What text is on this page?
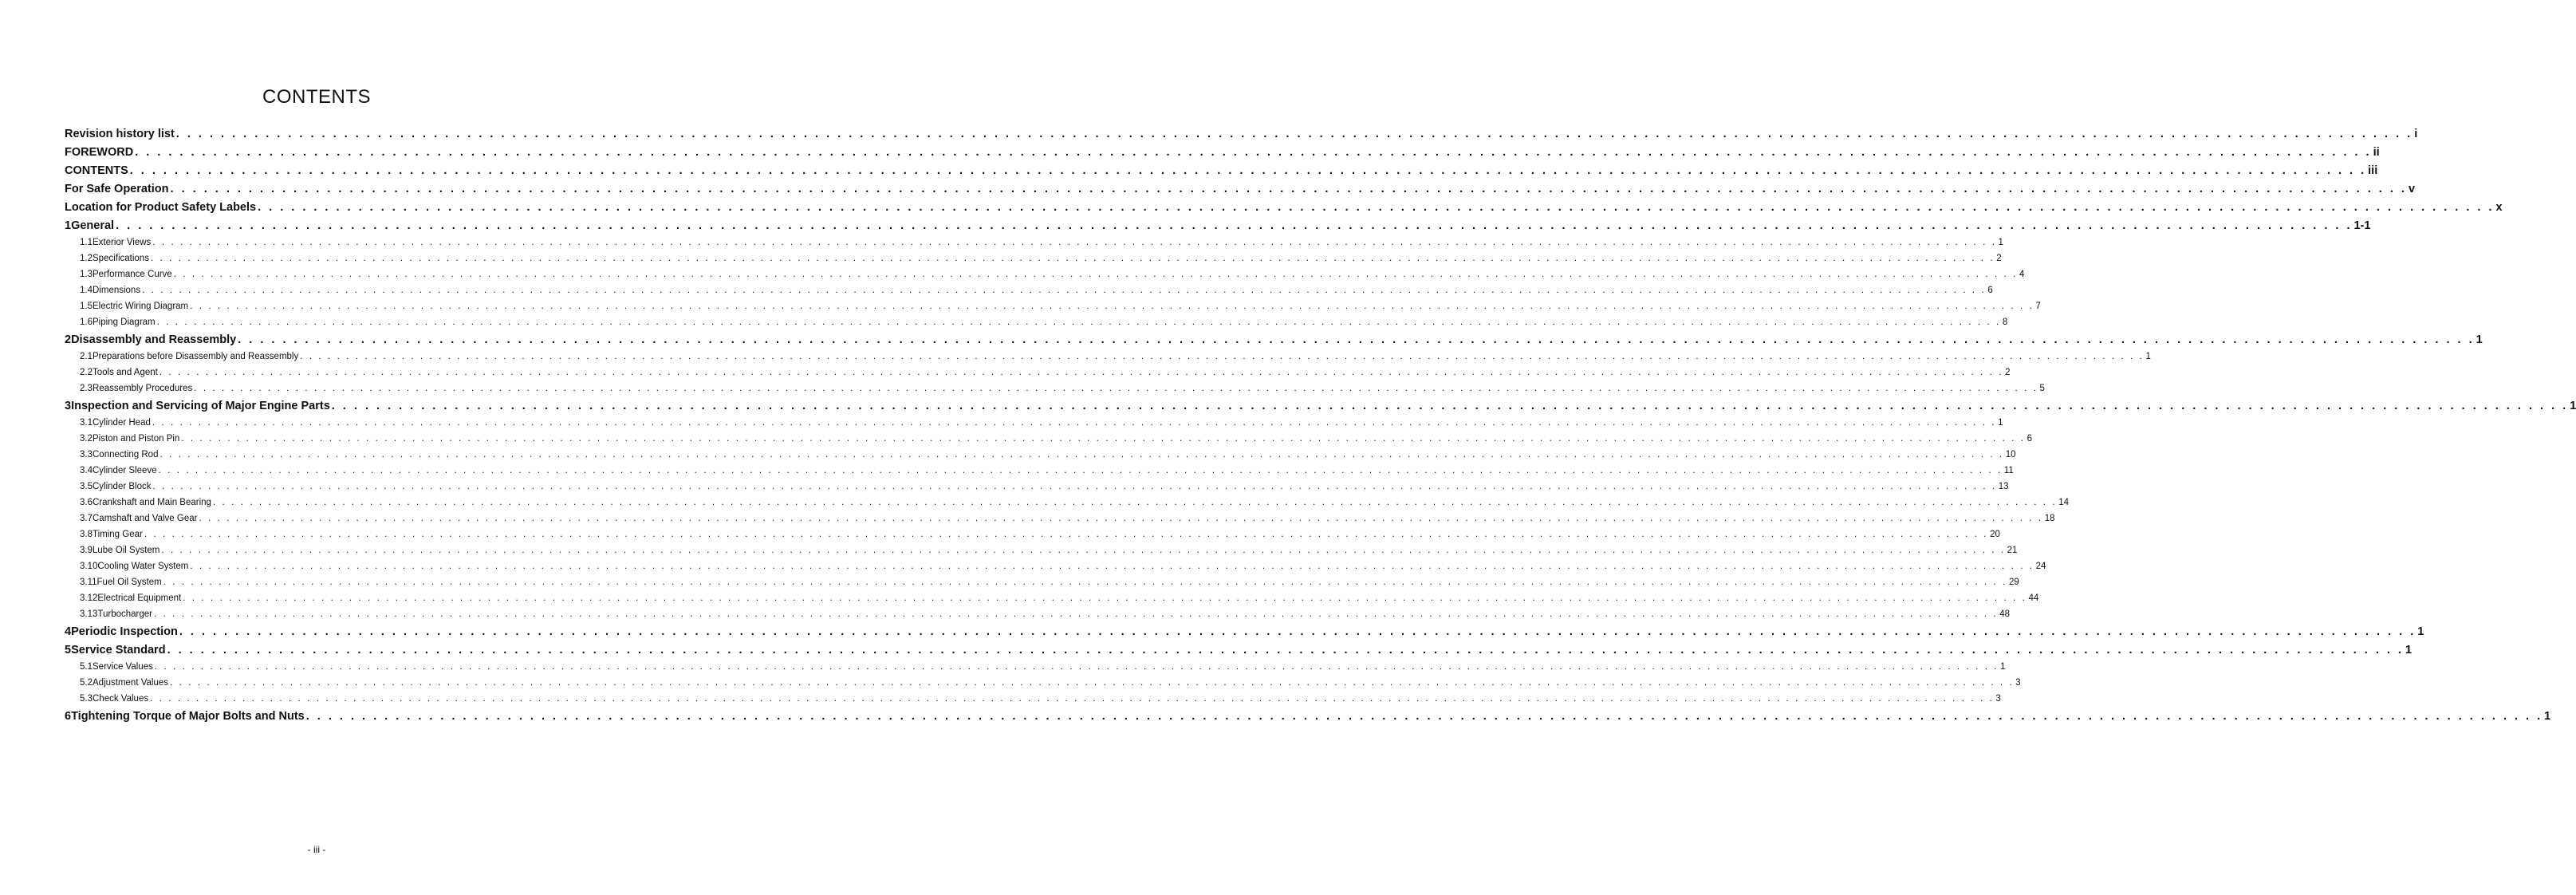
CONTENTS
Revision history list . . . . . . . . . . . . . . . . . . . . . . . . . . . . . . . . . . . . . . . . . . . . . . . . . . . . . . . . . . . . . . . . . . . . . . . . . . . . . . . . . . . . . . . . . . . . . . . . . . . . . . . . . . . . . . . . . . . . . . . . . . . . . . . . . . . . . . . . . . . . . . . . . . . . . . . . . . . . . . . . . . . . . . . . . . . . . . . . . . . . . . . . . . . . . . . . . . . . . . . . i
FOREWORD . . . . . . . . . . . . . . . . . . . . . . . . . . . . . . . . . . . . . . . . . . . . . . . . . . . . . . . . . . . . . . . . . . . . . . . . . . . . . . . . . . . . . . . . . . . . . . . . . . . . . . . . . . . . . . . . . . . . . . . . . . . . . . . . . . . . . . . . . . . . . . . . . . . . . . . . . . . . . . . . . . . . . . . . . . . . . . . . . . . . . . . . . . . . . . . . . . . . . . . . ii
CONTENTS . . . . . . . . . . . . . . . . . . . . . . . . . . . . . . . . . . . . . . . . . . . . . . . . . . . . . . . . . . . . . . . . . . . . . . . . . . . . . . . . . . . . . . . . . . . . . . . . . . . . . . . . . . . . . . . . . . . . . . . . . . . . . . . . . . . . . . . . . . . . . . . . . . . . . . . . . . . . . . . . . . . . . . . . . . . . . . . . . . . . . . . . . . . . . . . . . . . . . . . . iii
For Safe Operation . . . . . . . . . . . . . . . . . . . . . . . . . . . . . . . . . . . . . . . . . . . . . . . . . . . . . . . . . . . . . . . . . . . . . . . . . . . . . . . . . . . . . . . . . . . . . . . . . . . . . . . . . . . . . . . . . . . . . . . . . . . . . . . . . . . . . . . . . . . . . . . . . . . . . . . . . . . . . . . . . . . . . . . . . . . . . . . . . . . . . . . . . . . . . . . . . . . . . . . . v
Location for Product Safety Labels . . . . . . . . . . . . . . . . . . . . . . . . . . . . . . . . . . . . . . . . . . . . . . . . . . . . . . . . . . . . . . . . . . . . . . . . . . . . . . . . . . . . . . . . . . . . . . . . . . . . . . . . . . . . . . . . . . . . . . . . . . . . . . . . . . . . . . . . . . . . . . . . . . . . . . . . . . . . . . . . . . . . . . . . . . . . . . . . . . . . . . . . . . . . . . . . . . . . . . . . x
1 General . . . . . . . . . . . . . . . . . . . . . . . . . . . . . . . . . . . . . . . . . . . . . . . . . . . . . . . . . . . . . . . . . . . . . . . . . . . . . . . . . . . . . . . . . . . . . . . . . . . . . . . . . . . . . . . . . . . . . . . . . . . . . . . . . . . . . . . . . . . . . . . . . . . . . . . . . . . . . . . . . . . . . . . . . . . . . . . . . . . . . . . . . . . . . . . . . . . . . . . . 1-1
1.1 Exterior Views . . . . . . . . . . . . . . . . . . . . . . . . . . . . . . . . . . . . . . . . . . . . . . . . . . . . . . . . . . . . . . . . . . . . . . . . . . . . . . . . . . . . . . . . . . . . . . . . . . . . . . . . . . . . . . . . . . . . . . . . . . . . . . . . . . . . . . . . . . . . . . . . . . . . . . . . . . . . . . . . . . . . . . . . . . . . . . . . . . . . . . . . . . . . . . . . . . . . . . . . 1
1.2 Specifications . . . . . . . . . . . . . . . . . . . . . . . . . . . . . . . . . . . . . . . . . . . . . . . . . . . . . . . . . . . . . . . . . . . . . . . . . . . . . . . . . . . . . . . . . . . . . . . . . . . . . . . . . . . . . . . . . . . . . . . . . . . . . . . . . . . . . . . . . . . . . . . . . . . . . . . . . . . . . . . . . . . . . . . . . . . . . . . . . . . . . . . . . . . . . . . . . . . . . . . . 2
1.3 Performance Curve . . . . . . . . . . . . . . . . . . . . . . . . . . . . . . . . . . . . . . . . . . . . . . . . . . . . . . . . . . . . . . . . . . . . . . . . . . . . . . . . . . . . . . . . . . . . . . . . . . . . . . . . . . . . . . . . . . . . . . . . . . . . . . . . . . . . . . . . . . . . . . . . . . . . . . . . . . . . . . . . . . . . . . . . . . . . . . . . . . . . . . . . . . . . . . . . . . . . . . . . 4
1.4 Dimensions . . . . . . . . . . . . . . . . . . . . . . . . . . . . . . . . . . . . . . . . . . . . . . . . . . . . . . . . . . . . . . . . . . . . . . . . . . . . . . . . . . . . . . . . . . . . . . . . . . . . . . . . . . . . . . . . . . . . . . . . . . . . . . . . . . . . . . . . . . . . . . . . . . . . . . . . . . . . . . . . . . . . . . . . . . . . . . . . . . . . . . . . . . . . . . . . . . . . . . . . 6
1.5 Electric Wiring Diagram . . . . . . . . . . . . . . . . . . . . . . . . . . . . . . . . . . . . . . . . . . . . . . . . . . . . . . . . . . . . . . . . . . . . . . . . . . . . . . . . . . . . . . . . . . . . . . . . . . . . . . . . . . . . . . . . . . . . . . . . . . . . . . . . . . . . . . . . . . . . . . . . . . . . . . . . . . . . . . . . . . . . . . . . . . . . . . . . . . . . . . . . . . . . . . . . . . . . . . . . 7
1.6 Piping Diagram . . . . . . . . . . . . . . . . . . . . . . . . . . . . . . . . . . . . . . . . . . . . . . . . . . . . . . . . . . . . . . . . . . . . . . . . . . . . . . . . . . . . . . . . . . . . . . . . . . . . . . . . . . . . . . . . . . . . . . . . . . . . . . . . . . . . . . . . . . . . . . . . . . . . . . . . . . . . . . . . . . . . . . . . . . . . . . . . . . . . . . . . . . . . . . . . . . . . . . . . 8
2 Disassembly and Reassembly . . . . . . . . . . . . . . . . . . . . . . . . . . . . . . . . . . . . . . . . . . . . . . . . . . . . . . . . . . . . . . . . . . . . . . . . . . . . . . . . . . . . . . . . . . . . . . . . . . . . . . . . . . . . . . . . . . . . . . . . . . . . . . . . . . . . . . . . . . . . . . . . . . . . . . . . . . . . . . . . . . . . . . . . . . . . . . . . . . . . . . . . . . . . . . . . . . . . . . . . 1
2.1 Preparations before Disassembly and Reassembly . . . . . . . . . . . . . . . . . . . . . . . . . . . . . . . . . . . . . . . . . . . . . . . . . . . . . . . . . . . . . . . . . . . . . . . . . . . . . . . . . . . . . . . . . . . . . . . . . . . . . . . . . . . . . . . . . . . . . . . . . . . . . . . . . . . . . . . . . . . . . . . . . . . . . . . . . . . . . . . . . . . . . . . . . . . . . . . . . . . . . . . . . . . . . . . . . . . . . . . . 1
2.2 Tools and Agent . . . . . . . . . . . . . . . . . . . . . . . . . . . . . . . . . . . . . . . . . . . . . . . . . . . . . . . . . . . . . . . . . . . . . . . . . . . . . . . . . . . . . . . . . . . . . . . . . . . . . . . . . . . . . . . . . . . . . . . . . . . . . . . . . . . . . . . . . . . . . . . . . . . . . . . . . . . . . . . . . . . . . . . . . . . . . . . . . . . . . . . . . . . . . . . . . . . . . . . . 2
2.3 Reassembly Procedures . . . . . . . . . . . . . . . . . . . . . . . . . . . . . . . . . . . . . . . . . . . . . . . . . . . . . . . . . . . . . . . . . . . . . . . . . . . . . . . . . . . . . . . . . . . . . . . . . . . . . . . . . . . . . . . . . . . . . . . . . . . . . . . . . . . . . . . . . . . . . . . . . . . . . . . . . . . . . . . . . . . . . . . . . . . . . . . . . . . . . . . . . . . . . . . . . . . . . . . . 5
3 Inspection and Servicing of Major Engine Parts . . . . . . . . . . . . . . . . . . . . . . . . . . . . . . . . . . . . . . . . . . . . . . . . . . . . . . . . . . . . . . . . . . . . . . . . . . . . . . . . . . . . . . . . . . . . . . . . . . . . . . . . . . . . . . . . . . . . . . . . . . . . . . . . . . . . . . . . . . . . . . . . . . . . . . . . . . . . . . . . . . . . . . . . . . . . . . . . . . . . . . . . . . . . . . . . . . . . . . . . 1
3.1 Cylinder Head . . . . . . . . . . . . . . . . . . . . . . . . . . . . . . . . . . . . . . . . . . . . . . . . . . . . . . . . . . . . . . . . . . . . . . . . . . . . . . . . . . . . . . . . . . . . . . . . . . . . . . . . . . . . . . . . . . . . . . . . . . . . . . . . . . . . . . . . . . . . . . . . . . . . . . . . . . . . . . . . . . . . . . . . . . . . . . . . . . . . . . . . . . . . . . . . . . . . . . . . 1
3.2 Piston and Piston Pin . . . . . . . . . . . . . . . . . . . . . . . . . . . . . . . . . . . . . . . . . . . . . . . . . . . . . . . . . . . . . . . . . . . . . . . . . . . . . . . . . . . . . . . . . . . . . . . . . . . . . . . . . . . . . . . . . . . . . . . . . . . . . . . . . . . . . . . . . . . . . . . . . . . . . . . . . . . . . . . . . . . . . . . . . . . . . . . . . . . . . . . . . . . . . . . . . . . . . . . . 6
3.3 Connecting Rod . . . . . . . . . . . . . . . . . . . . . . . . . . . . . . . . . . . . . . . . . . . . . . . . . . . . . . . . . . . . . . . . . . . . . . . . . . . . . . . . . . . . . . . . . . . . . . . . . . . . . . . . . . . . . . . . . . . . . . . . . . . . . . . . . . . . . . . . . . . . . . . . . . . . . . . . . . . . . . . . . . . . . . . . . . . . . . . . . . . . . . . . . . . . . . . . . . . . . . . . 10
3.4 Cylinder Sleeve . . . . . . . . . . . . . . . . . . . . . . . . . . . . . . . . . . . . . . . . . . . . . . . . . . . . . . . . . . . . . . . . . . . . . . . . . . . . . . . . . . . . . . . . . . . . . . . . . . . . . . . . . . . . . . . . . . . . . . . . . . . . . . . . . . . . . . . . . . . . . . . . . . . . . . . . . . . . . . . . . . . . . . . . . . . . . . . . . . . . . . . . . . . . . . . . . . . . . . . . 11
3.5 Cylinder Block . . . . . . . . . . . . . . . . . . . . . . . . . . . . . . . . . . . . . . . . . . . . . . . . . . . . . . . . . . . . . . . . . . . . . . . . . . . . . . . . . . . . . . . . . . . . . . . . . . . . . . . . . . . . . . . . . . . . . . . . . . . . . . . . . . . . . . . . . . . . . . . . . . . . . . . . . . . . . . . . . . . . . . . . . . . . . . . . . . . . . . . . . . . . . . . . . . . . . . . . 13
3.6 Crankshaft and Main Bearing . . . . . . . . . . . . . . . . . . . . . . . . . . . . . . . . . . . . . . . . . . . . . . . . . . . . . . . . . . . . . . . . . . . . . . . . . . . . . . . . . . . . . . . . . . . . . . . . . . . . . . . . . . . . . . . . . . . . . . . . . . . . . . . . . . . . . . . . . . . . . . . . . . . . . . . . . . . . . . . . . . . . . . . . . . . . . . . . . . . . . . . . . . . . . . . . . . . . . . . . 14
3.7 Camshaft and Valve Gear . . . . . . . . . . . . . . . . . . . . . . . . . . . . . . . . . . . . . . . . . . . . . . . . . . . . . . . . . . . . . . . . . . . . . . . . . . . . . . . . . . . . . . . . . . . . . . . . . . . . . . . . . . . . . . . . . . . . . . . . . . . . . . . . . . . . . . . . . . . . . . . . . . . . . . . . . . . . . . . . . . . . . . . . . . . . . . . . . . . . . . . . . . . . . . . . . . . . . . . . 18
3.8 Timing Gear . . . . . . . . . . . . . . . . . . . . . . . . . . . . . . . . . . . . . . . . . . . . . . . . . . . . . . . . . . . . . . . . . . . . . . . . . . . . . . . . . . . . . . . . . . . . . . . . . . . . . . . . . . . . . . . . . . . . . . . . . . . . . . . . . . . . . . . . . . . . . . . . . . . . . . . . . . . . . . . . . . . . . . . . . . . . . . . . . . . . . . . . . . . . . . . . . . . . . . . . 20
3.9 Lube Oil System . . . . . . . . . . . . . . . . . . . . . . . . . . . . . . . . . . . . . . . . . . . . . . . . . . . . . . . . . . . . . . . . . . . . . . . . . . . . . . . . . . . . . . . . . . . . . . . . . . . . . . . . . . . . . . . . . . . . . . . . . . . . . . . . . . . . . . . . . . . . . . . . . . . . . . . . . . . . . . . . . . . . . . . . . . . . . . . . . . . . . . . . . . . . . . . . . . . . . . . . 21
3.10 Cooling Water System . . . . . . . . . . . . . . . . . . . . . . . . . . . . . . . . . . . . . . . . . . . . . . . . . . . . . . . . . . . . . . . . . . . . . . . . . . . . . . . . . . . . . . . . . . . . . . . . . . . . . . . . . . . . . . . . . . . . . . . . . . . . . . . . . . . . . . . . . . . . . . . . . . . . . . . . . . . . . . . . . . . . . . . . . . . . . . . . . . . . . . . . . . . . . . . . . . . . . . . . 24
3.11 Fuel Oil System . . . . . . . . . . . . . . . . . . . . . . . . . . . . . . . . . . . . . . . . . . . . . . . . . . . . . . . . . . . . . . . . . . . . . . . . . . . . . . . . . . . . . . . . . . . . . . . . . . . . . . . . . . . . . . . . . . . . . . . . . . . . . . . . . . . . . . . . . . . . . . . . . . . . . . . . . . . . . . . . . . . . . . . . . . . . . . . . . . . . . . . . . . . . . . . . . . . . . . . . 29
3.12 Electrical Equipment . . . . . . . . . . . . . . . . . . . . . . . . . . . . . . . . . . . . . . . . . . . . . . . . . . . . . . . . . . . . . . . . . . . . . . . . . . . . . . . . . . . . . . . . . . . . . . . . . . . . . . . . . . . . . . . . . . . . . . . . . . . . . . . . . . . . . . . . . . . . . . . . . . . . . . . . . . . . . . . . . . . . . . . . . . . . . . . . . . . . . . . . . . . . . . . . . . . . . . . . 44
3.13 Turbocharger . . . . . . . . . . . . . . . . . . . . . . . . . . . . . . . . . . . . . . . . . . . . . . . . . . . . . . . . . . . . . . . . . . . . . . . . . . . . . . . . . . . . . . . . . . . . . . . . . . . . . . . . . . . . . . . . . . . . . . . . . . . . . . . . . . . . . . . . . . . . . . . . . . . . . . . . . . . . . . . . . . . . . . . . . . . . . . . . . . . . . . . . . . . . . . . . . . . . . . . . 48
4 Periodic Inspection . . . . . . . . . . . . . . . . . . . . . . . . . . . . . . . . . . . . . . . . . . . . . . . . . . . . . . . . . . . . . . . . . . . . . . . . . . . . . . . . . . . . . . . . . . . . . . . . . . . . . . . . . . . . . . . . . . . . . . . . . . . . . . . . . . . . . . . . . . . . . . . . . . . . . . . . . . . . . . . . . . . . . . . . . . . . . . . . . . . . . . . . . . . . . . . . . . . . . . . . 1
5 Service Standard . . . . . . . . . . . . . . . . . . . . . . . . . . . . . . . . . . . . . . . . . . . . . . . . . . . . . . . . . . . . . . . . . . . . . . . . . . . . . . . . . . . . . . . . . . . . . . . . . . . . . . . . . . . . . . . . . . . . . . . . . . . . . . . . . . . . . . . . . . . . . . . . . . . . . . . . . . . . . . . . . . . . . . . . . . . . . . . . . . . . . . . . . . . . . . . . . . . . . . . . 1
5.1 Service Values . . . . . . . . . . . . . . . . . . . . . . . . . . . . . . . . . . . . . . . . . . . . . . . . . . . . . . . . . . . . . . . . . . . . . . . . . . . . . . . . . . . . . . . . . . . . . . . . . . . . . . . . . . . . . . . . . . . . . . . . . . . . . . . . . . . . . . . . . . . . . . . . . . . . . . . . . . . . . . . . . . . . . . . . . . . . . . . . . . . . . . . . . . . . . . . . . . . . . . . . 1
5.2 Adjustment Values . . . . . . . . . . . . . . . . . . . . . . . . . . . . . . . . . . . . . . . . . . . . . . . . . . . . . . . . . . . . . . . . . . . . . . . . . . . . . . . . . . . . . . . . . . . . . . . . . . . . . . . . . . . . . . . . . . . . . . . . . . . . . . . . . . . . . . . . . . . . . . . . . . . . . . . . . . . . . . . . . . . . . . . . . . . . . . . . . . . . . . . . . . . . . . . . . . . . . . . . 3
5.3 Check Values . . . . . . . . . . . . . . . . . . . . . . . . . . . . . . . . . . . . . . . . . . . . . . . . . . . . . . . . . . . . . . . . . . . . . . . . . . . . . . . . . . . . . . . . . . . . . . . . . . . . . . . . . . . . . . . . . . . . . . . . . . . . . . . . . . . . . . . . . . . . . . . . . . . . . . . . . . . . . . . . . . . . . . . . . . . . . . . . . . . . . . . . . . . . . . . . . . . . . . . . 3
6 Tightening Torque of Major Bolts and Nuts . . . . . . . . . . . . . . . . . . . . . . . . . . . . . . . . . . . . . . . . . . . . . . . . . . . . . . . . . . . . . . . . . . . . . . . . . . . . . . . . . . . . . . . . . . . . . . . . . . . . . . . . . . . . . . . . . . . . . . . . . . . . . . . . . . . . . . . . . . . . . . . . . . . . . . . . . . . . . . . . . . . . . . . . . . . . . . . . . . . . . . . . . . . . . . . . . . . . . . . . 1
- iii -
